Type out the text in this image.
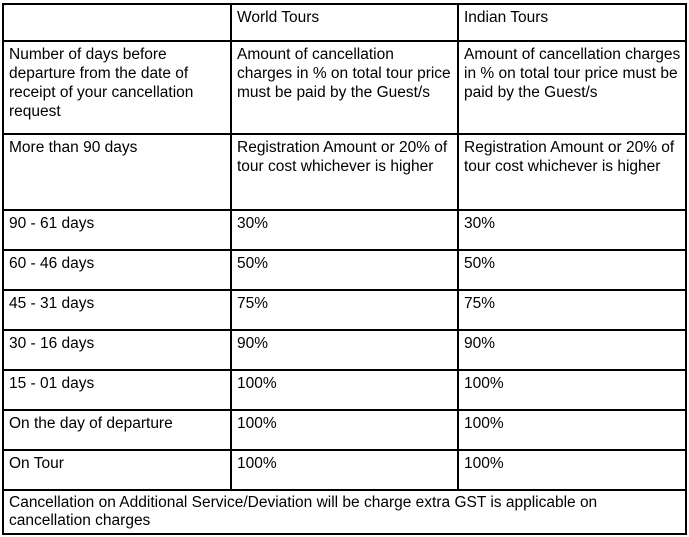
	World Tours	Indian Tours
Number of days before departure from the date of receipt of your cancellation request	Amount of cancellation charges in % on total tour price must be paid by the Guest/s	Amount of cancellation charges in % on total tour price must be paid by the Guest/s
More than 90 days	Registration Amount or 20% of tour cost whichever is higher	Registration Amount or 20% of tour cost whichever is higher
90 - 61 days	30%	30%
60 - 46 days	50%	50%
45 - 31 days	75%	75%
30 - 16 days	90%	90%
15 - 01 days	100%	100%
On the day of departure	100%	100%
On Tour	100%	100%
Cancellation on Additional Service/Deviation will be charge extra GST is applicable on cancellation charges		
